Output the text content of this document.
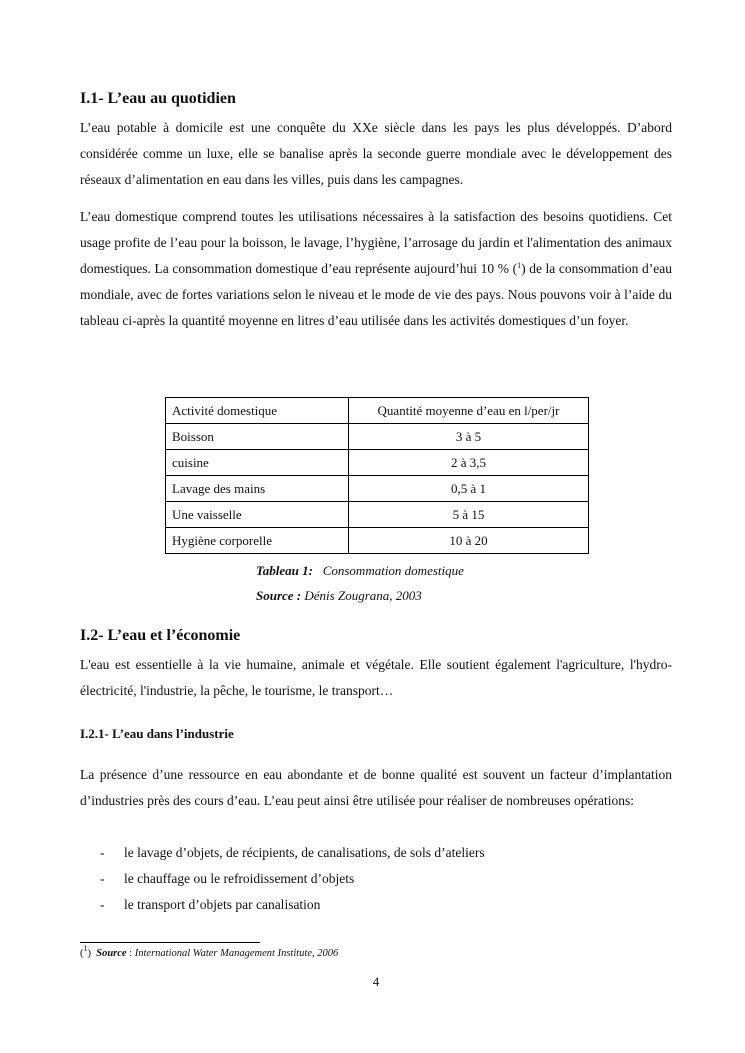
I.1- L’eau au quotidien

L’eau potable à domicile est une conquête du XXe siècle dans les pays les plus développés. D’abord considérée comme un luxe, elle se banalise après la seconde guerre mondiale avec le développement des réseaux d’alimentation en eau dans les villes, puis dans les campagnes.

L’eau domestique comprend toutes les utilisations nécessaires à la satisfaction des besoins quotidiens. Cet usage profite de l’eau pour la boisson, le lavage, l’hygiène, l’arrosage du jardin et l'alimentation des animaux domestiques. La consommation domestique d’eau représente aujourd’hui 10 % ($^1$) de la consommation d’eau mondiale, avec de fortes variations selon le niveau et le mode de vie des pays. Nous pouvons voir à l’aide du tableau ci-après la quantité moyenne en litres d’eau utilisée dans les activités domestiques d’un foyer.

Activité domestique	Quantité moyenne d’eau en l/per/jr
Boisson	3 à 5
cuisine	2 à 3,5
Lavage des mains	0,5 à 1
Une vaisselle	5 à 15
Hygiène corporelle	10 à 20
Tableau 1: Consommation domestique
Source : Dénis Zougrana, 2003
I.2- L’eau et l’économie

L'eau est essentielle à la vie humaine, animale et végétale. Elle soutient également l'agriculture, l'hydro-électricité, l'industrie, la pêche, le tourisme, le transport…

I.2.1- L’eau dans l’industrie

La présence d’une ressource en eau abondante et de bonne qualité est souvent un facteur d’implantation d’industries près des cours d’eau. L’eau peut ainsi être utilisée pour réaliser de nombreuses opérations:

- le lavage d’objets, de récipients, de canalisations, de sols d’ateliers
- le chauffage ou le refroidissement d’objets
- le transport d’objets par canalisation
($^1$) Source : International Water Management Institute, 2006
4
